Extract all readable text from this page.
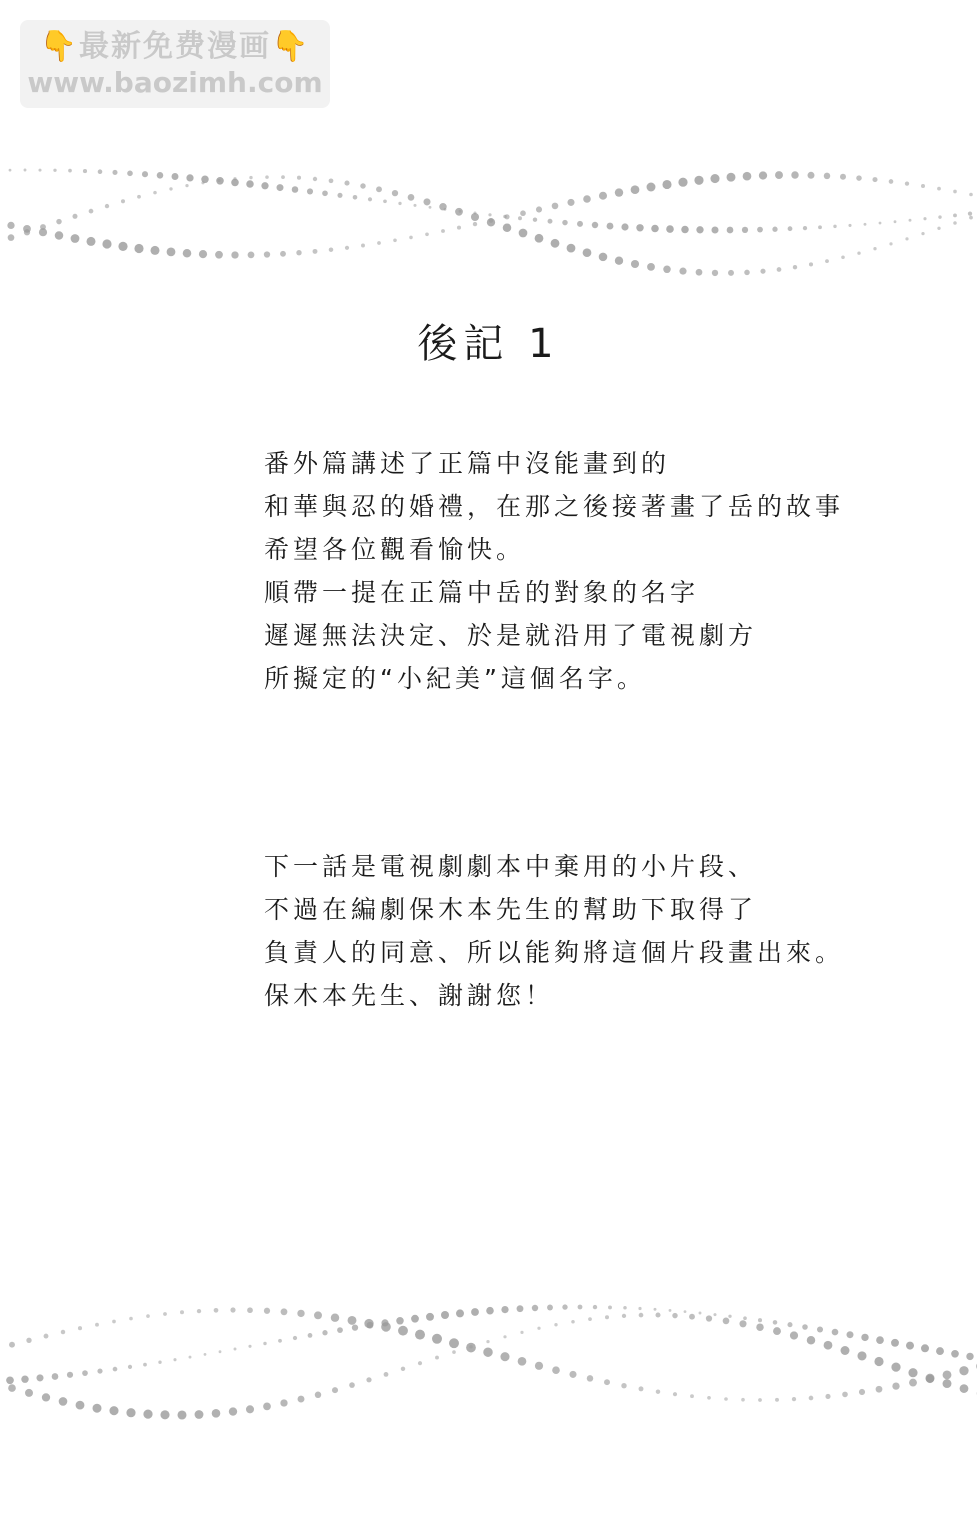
👇最新免费漫画👇
www.baozimh.com
後記 1
番外篇講述了正篇中沒能畫到的
和華與忍的婚禮，在那之後接著畫了岳的故事
希望各位觀看愉快。
順帶一提在正篇中岳的對象的名字
遲遲無法決定、於是就沿用了電視劇方
所擬定的“小紀美”這個名字。
下一話是電視劇劇本中棄用的小片段、
不過在編劇保木本先生的幫助下取得了
負責人的同意、所以能夠將這個片段畫出來。
保木本先生、謝謝您！
